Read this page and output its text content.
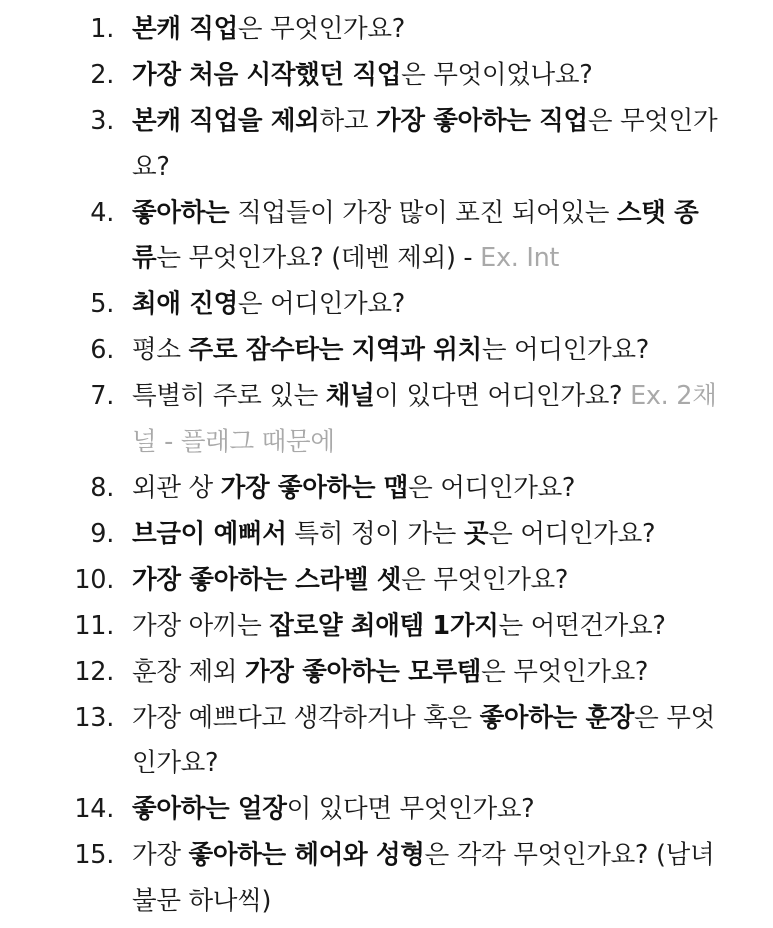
1. 본캐 직업은 무엇인가요?
2. 가장 처음 시작했던 직업은 무엇이었나요?
3. 본캐 직업을 제외하고 가장 좋아하는 직업은 무엇인가요?
4. 좋아하는 직업들이 가장 많이 포진 되어있는 스탯 종류는 무엇인가요? (데벤 제외) - Ex. Int
5. 최애 진영은 어디인가요?
6. 평소 주로 잠수타는 지역과 위치는 어디인가요?
7. 특별히 주로 있는 채널이 있다면 어디인가요? Ex. 2채널 - 플래그 때문에
8. 외관 상 가장 좋아하는 맵은 어디인가요?
9. 브금이 예뻐서 특히 정이 가는 곳은 어디인가요?
10. 가장 좋아하는 스라벨 셋은 무엇인가요?
11. 가장 아끼는 잡로얄 최애템 1가지는 어떤건가요?
12. 훈장 제외 가장 좋아하는 모루템은 무엇인가요?
13. 가장 예쁘다고 생각하거나 혹은 좋아하는 훈장은 무엇인가요?
14. 좋아하는 얼장이 있다면 무엇인가요?
15. 가장 좋아하는 헤어와 성형은 각각 무엇인가요? (남녀불문 하나씩)
